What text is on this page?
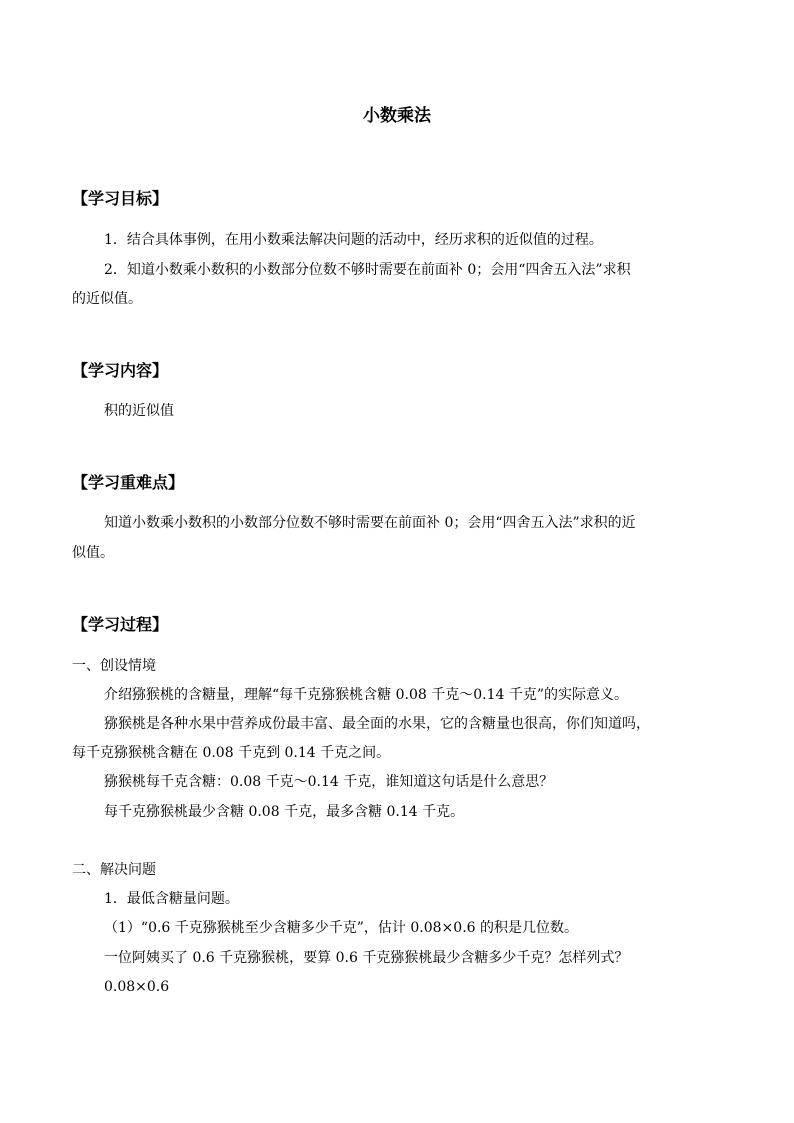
小数乘法
【学习目标】
1．结合具体事例，在用小数乘法解决问题的活动中，经历求积的近似值的过程。
2．知道小数乘小数积的小数部分位数不够时需要在前面补 0；会用“四舍五入法”求积
的近似值。
【学习内容】
积的近似值
【学习重难点】
知道小数乘小数积的小数部分位数不够时需要在前面补 0；会用“四舍五入法”求积的近
似值。
【学习过程】
一、创设情境
介绍猕猴桃的含糖量，理解“每千克猕猴桃含糖 0.08 千克～0.14 千克”的实际意义。
猕猴桃是各种水果中营养成份最丰富、最全面的水果，它的含糖量也很高，你们知道吗，
每千克猕猴桃含糖在 0.08 千克到 0.14 千克之间。
猕猴桃每千克含糖：0.08 千克～0.14 千克，谁知道这句话是什么意思？
每千克猕猴桃最少含糖 0.08 千克，最多含糖 0.14 千克。
二、解决问题
1．最低含糖量问题。
（1）“0.6 千克猕猴桃至少含糖多少千克”，估计 0.08×0.6 的积是几位数。
一位阿姨买了 0.6 千克猕猴桃，要算 0.6 千克猕猴桃最少含糖多少千克？怎样列式？
0.08×0.6
